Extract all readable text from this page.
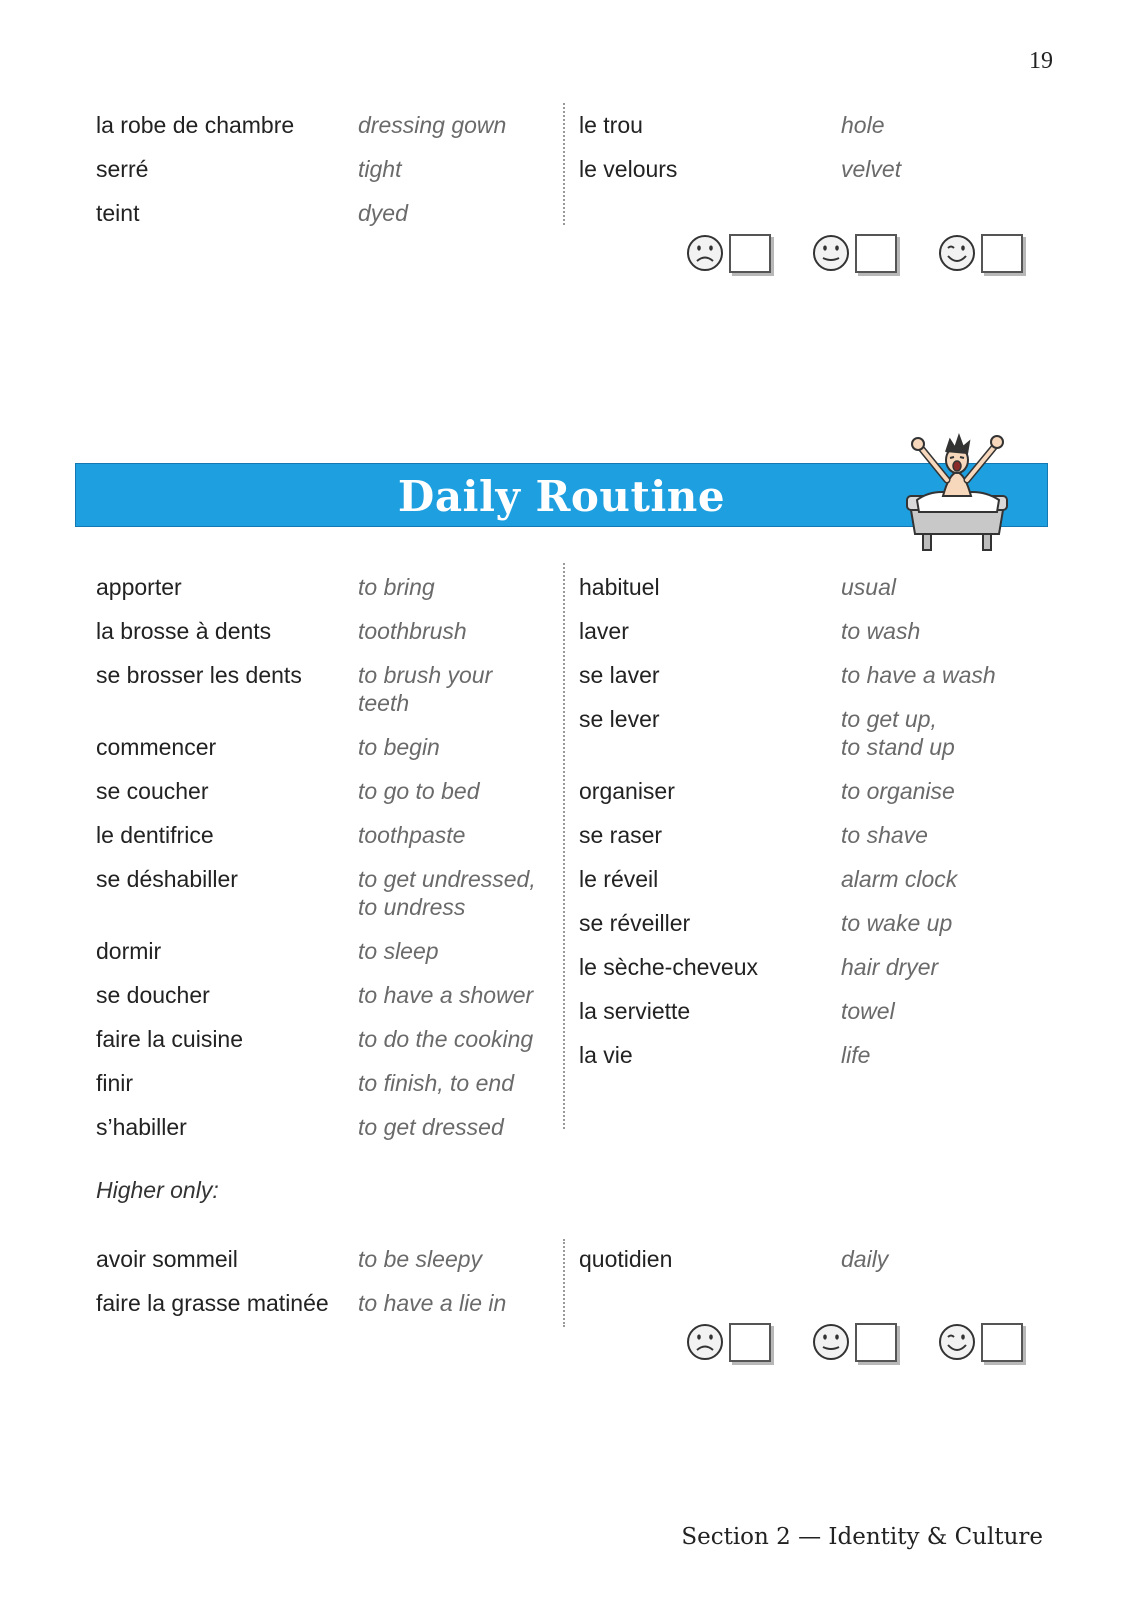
19
la robe de chambre	dressing gown
serré	tight
teint	dyed
le trou	hole
le velours	velvet
Daily Routine
apporter	to bring
la brosse à dents	toothbrush
se brosser les dents	to brush your
teeth
commencer	to begin
se coucher	to go to bed
le dentifrice	toothpaste
se déshabiller	to get undressed,
to undress
dormir	to sleep
se doucher	to have a shower
faire la cuisine	to do the cooking
finir	to finish, to end
s’habiller	to get dressed
habituel	usual
laver	to wash
se laver	to have a wash
se lever	to get up,
to stand up
organiser	to organise
se raser	to shave
le réveil	alarm clock
se réveiller	to wake up
le sèche-cheveux	hair dryer
la serviette	towel
la vie	life
Higher only:
avoir sommeil	to be sleepy
faire la grasse matinée	to have a lie in
quotidien	daily
Section 2 — Identity & Culture
